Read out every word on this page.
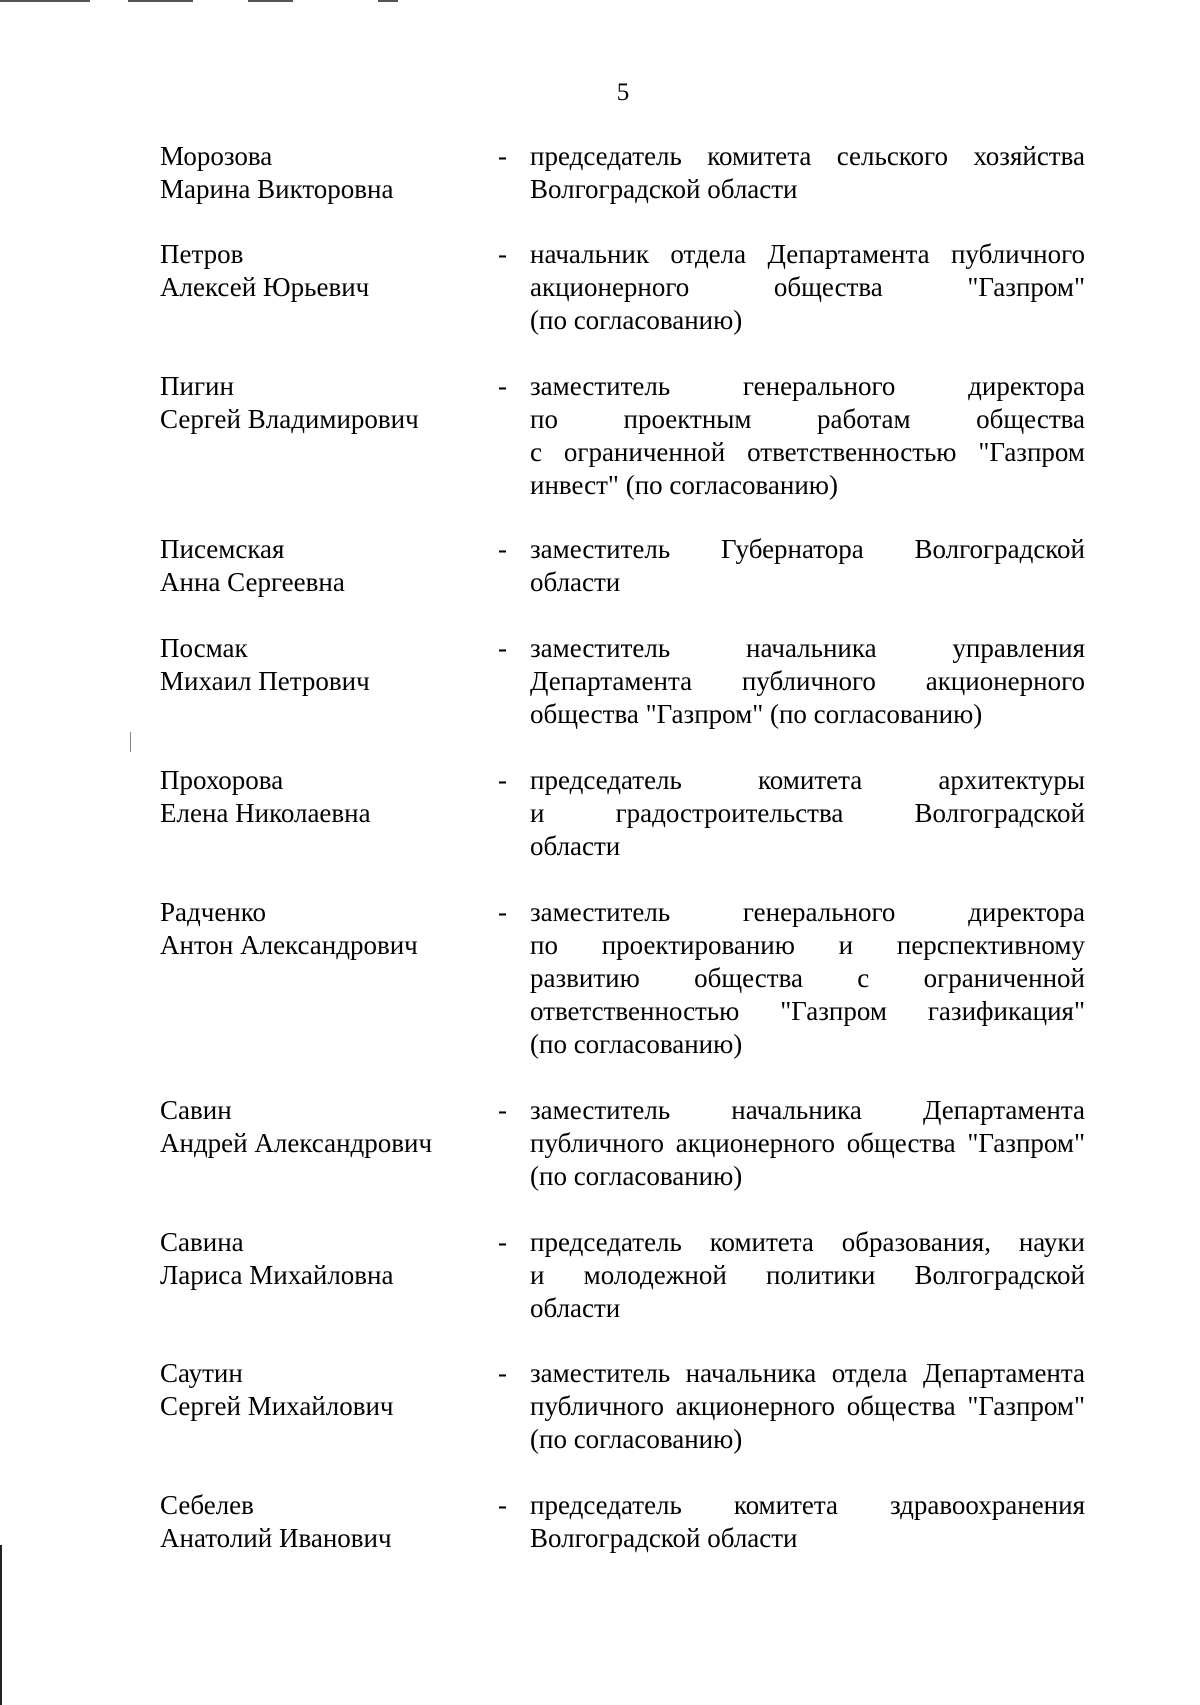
5
Морозова
Марина Викторовна
- председатель комитета сельского хозяйства
Волгоградской области
Петров
Алексей Юрьевич
- начальник отдела Департамента публичного
акционерного общества "Газпром"
(по согласованию)
Пигин
Сергей Владимирович
- заместитель генерального директора
по проектным работам общества
с ограниченной ответственностью "Газпром
инвест" (по согласованию)
Писемская
Анна Сергеевна
- заместитель Губернатора Волгоградской
области
Посмак
Михаил Петрович
- заместитель начальника управления
Департамента публичного акционерного
общества "Газпром" (по согласованию)
Прохорова
Елена Николаевна
- председатель комитета архитектуры
и градостроительства Волгоградской
области
Радченко
Антон Александрович
- заместитель генерального директора
по проектированию и перспективному
развитию общества с ограниченной
ответственностью "Газпром газификация"
(по согласованию)
Савин
Андрей Александрович
- заместитель начальника Департамента
публичного акционерного общества "Газпром"
(по согласованию)
Савина
Лариса Михайловна
- председатель комитета образования, науки
и молодежной политики Волгоградской
области
Саутин
Сергей Михайлович
- заместитель начальника отдела Департамента
публичного акционерного общества "Газпром"
(по согласованию)
Себелев
Анатолий Иванович
- председатель комитета здравоохранения
Волгоградской области
